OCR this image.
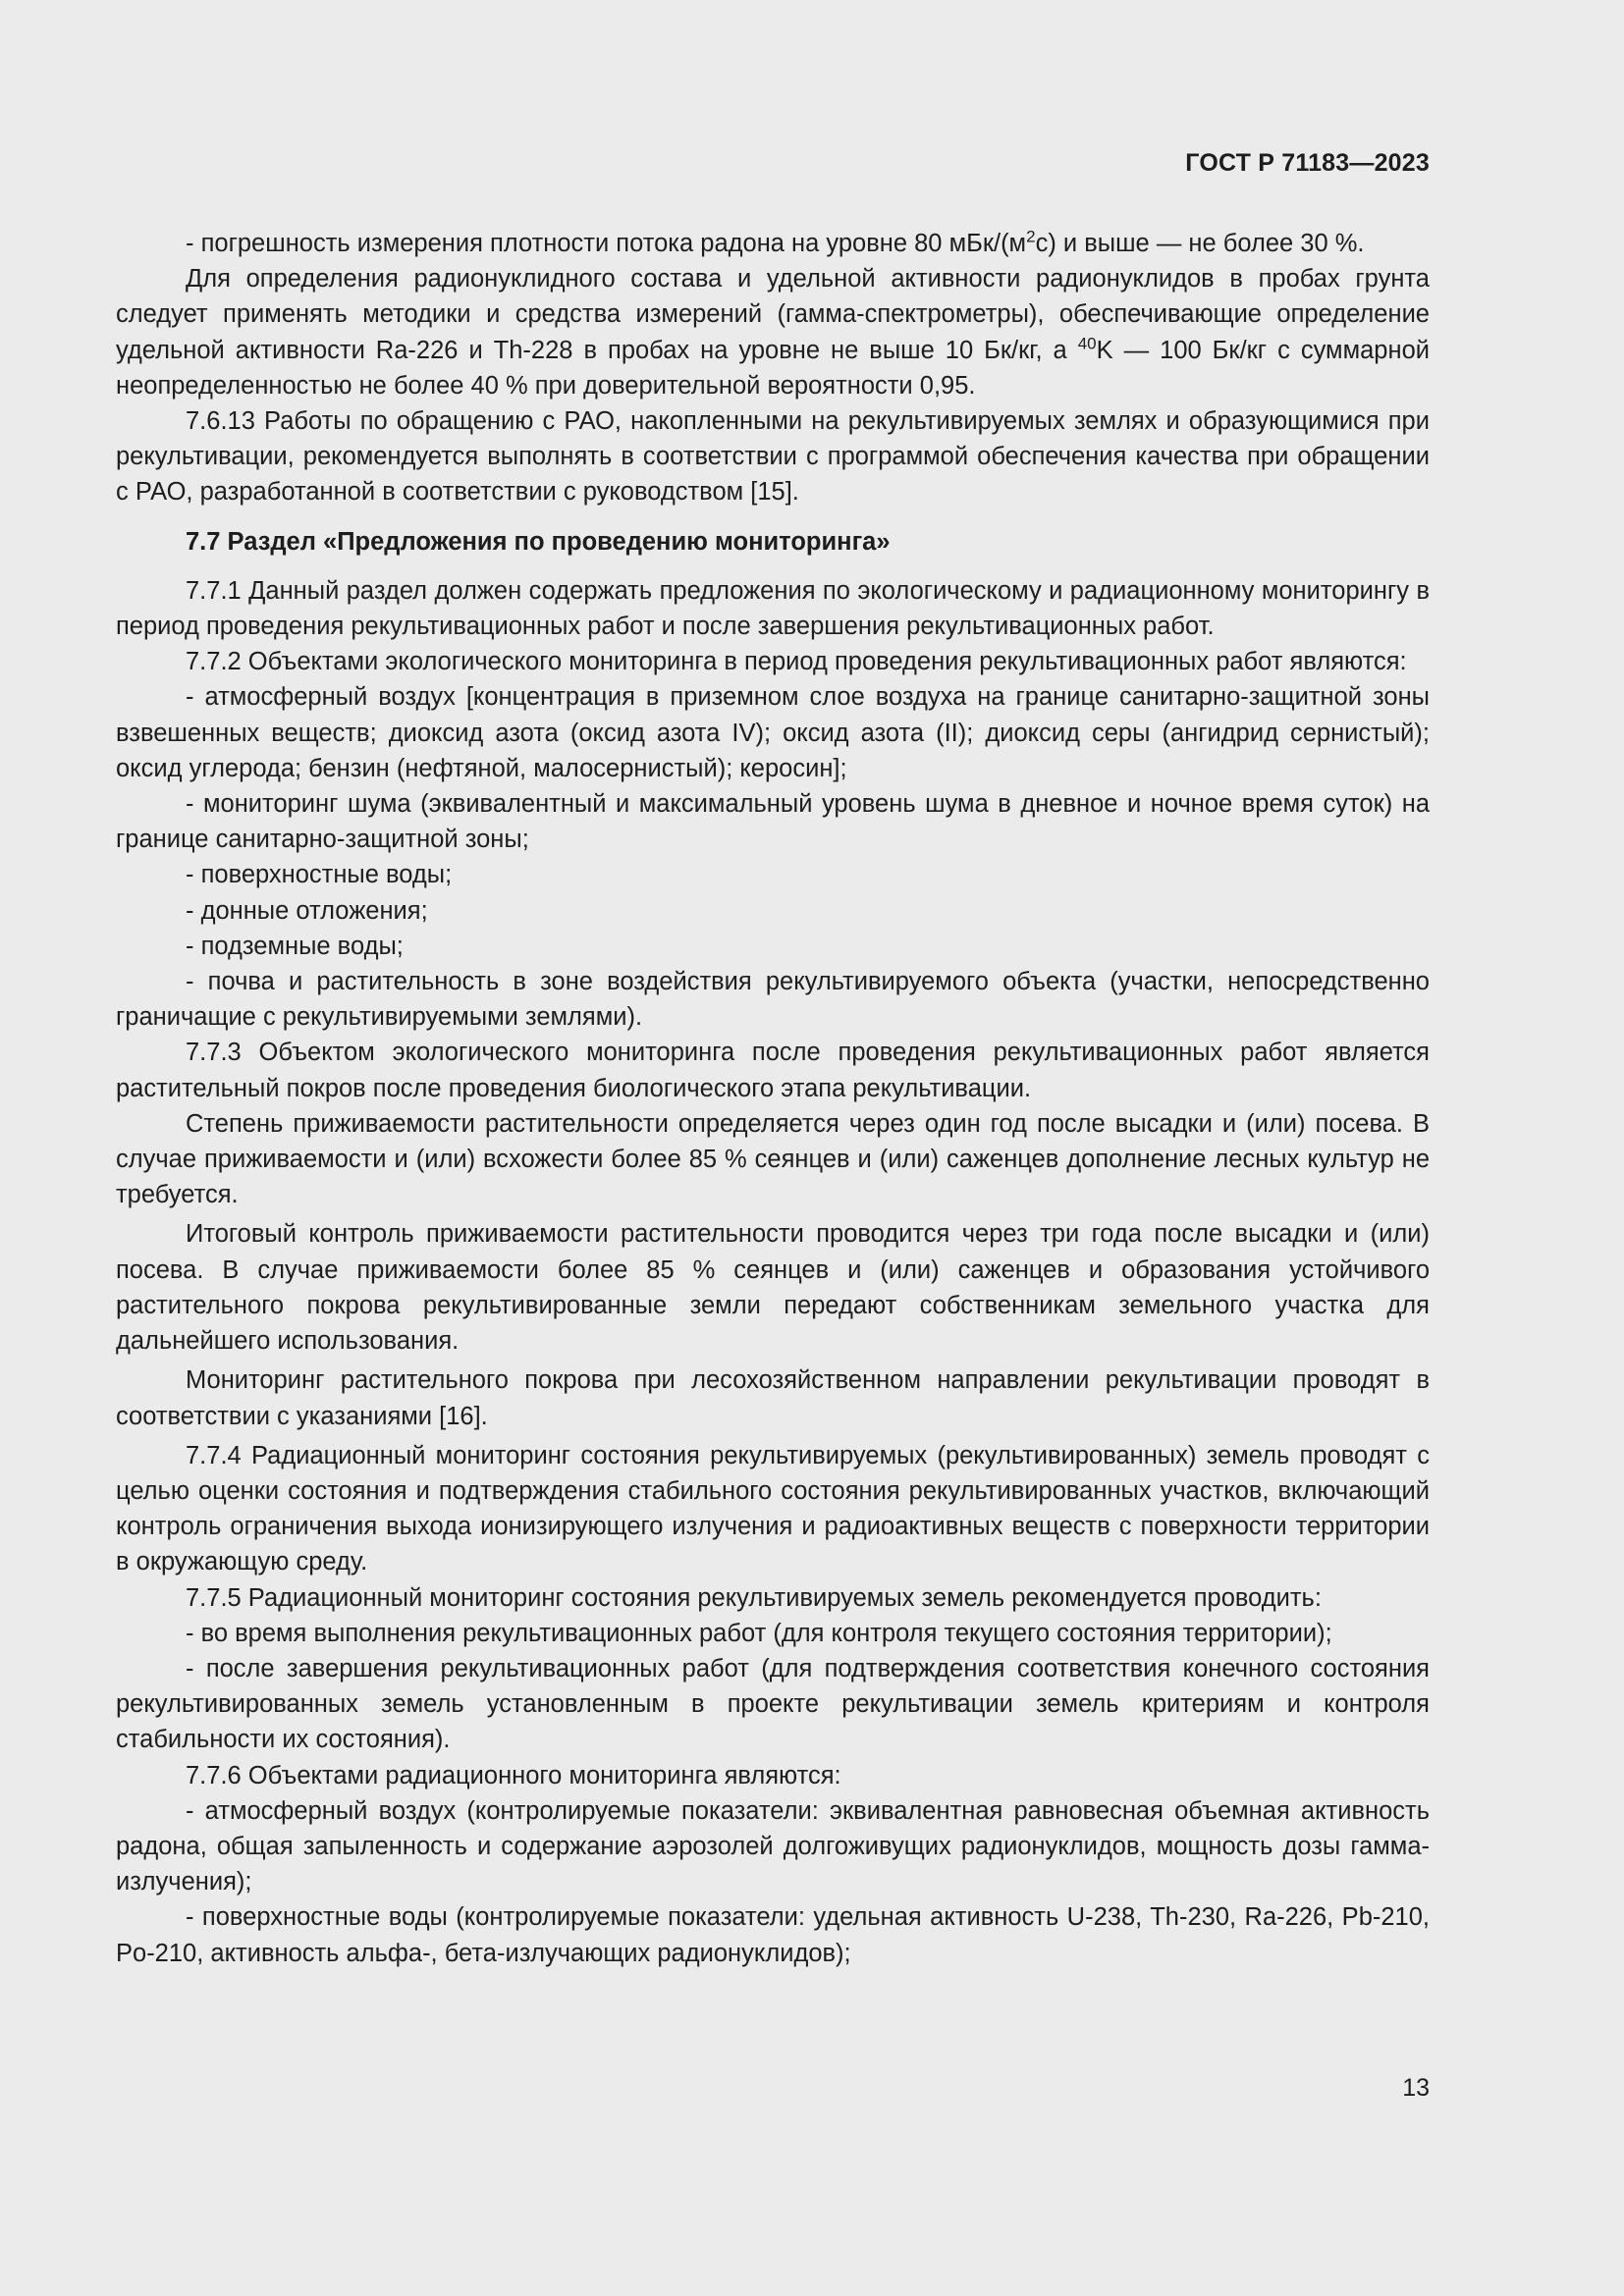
ГОСТ Р 71183—2023

- погрешность измерения плотности потока радона на уровне 80 мБк/$(м^2с)$ и выше — не более 30 %.

Для определения радионуклидного состава и удельной активности радионуклидов в пробах грунта следует применять методики и средства измерений (гамма-спектрометры), обеспечивающие определение удельной активности Ra-226 и Th-228 в пробах на уровне не выше 10 Бк/кг, а $^{40}$K — 100 Бк/кг с суммарной неопределенностью не более 40 % при доверительной вероятности 0,95.

7.6.13 Работы по обращению с РАО, накопленными на рекультивируемых землях и образующимися при рекультивации, рекомендуется выполнять в соответствии с программой обеспечения качества при обращении с РАО, разработанной в соответствии с руководством [15].

7.7 Раздел «Предложения по проведению мониторинга»

7.7.1 Данный раздел должен содержать предложения по экологическому и радиационному мониторингу в период проведения рекультивационных работ и после завершения рекультивационных работ.

7.7.2 Объектами экологического мониторинга в период проведения рекультивационных работ являются:

- атмосферный воздух [концентрация в приземном слое воздуха на границе санитарно-защитной зоны взвешенных веществ; диоксид азота (оксид азота IV); оксид азота (II); диоксид серы (ангидрид сернистый); оксид углерода; бензин (нефтяной, малосернистый); керосин];

- мониторинг шума (эквивалентный и максимальный уровень шума в дневное и ночное время суток) на границе санитарно-защитной зоны;

- поверхностные воды;

- донные отложения;

- подземные воды;

- почва и растительность в зоне воздействия рекультивируемого объекта (участки, непосредственно граничащие с рекультивируемыми землями).

7.7.3 Объектом экологического мониторинга после проведения рекультивационных работ является растительный покров после проведения биологического этапа рекультивации.

Степень приживаемости растительности определяется через один год после высадки и (или) посева. В случае приживаемости и (или) всхожести более 85 % сеянцев и (или) саженцев дополнение лесных культур не требуется.

Итоговый контроль приживаемости растительности проводится через три года после высадки и (или) посева. В случае приживаемости более 85 % сеянцев и (или) саженцев и образования устойчивого растительного покрова рекультивированные земли передают собственникам земельного участка для дальнейшего использования.

Мониторинг растительного покрова при лесохозяйственном направлении рекультивации проводят в соответствии с указаниями [16].

7.7.4 Радиационный мониторинг состояния рекультивируемых (рекультивированных) земель проводят с целью оценки состояния и подтверждения стабильного состояния рекультивированных участков, включающий контроль ограничения выхода ионизирующего излучения и радиоактивных веществ с поверхности территории в окружающую среду.

7.7.5 Радиационный мониторинг состояния рекультивируемых земель рекомендуется проводить:

- во время выполнения рекультивационных работ (для контроля текущего состояния территории);

- после завершения рекультивационных работ (для подтверждения соответствия конечного состояния рекультивированных земель установленным в проекте рекультивации земель критериям и контроля стабильности их состояния).

7.7.6 Объектами радиационного мониторинга являются:

- атмосферный воздух (контролируемые показатели: эквивалентная равновесная объемная активность радона, общая запыленность и содержание аэрозолей долгоживущих радионуклидов, мощность дозы гамма-излучения);

- поверхностные воды (контролируемые показатели: удельная активность U-238, Th-230, Ra-226, Pb-210, Po-210, активность альфа-, бета-излучающих радионуклидов);

13
